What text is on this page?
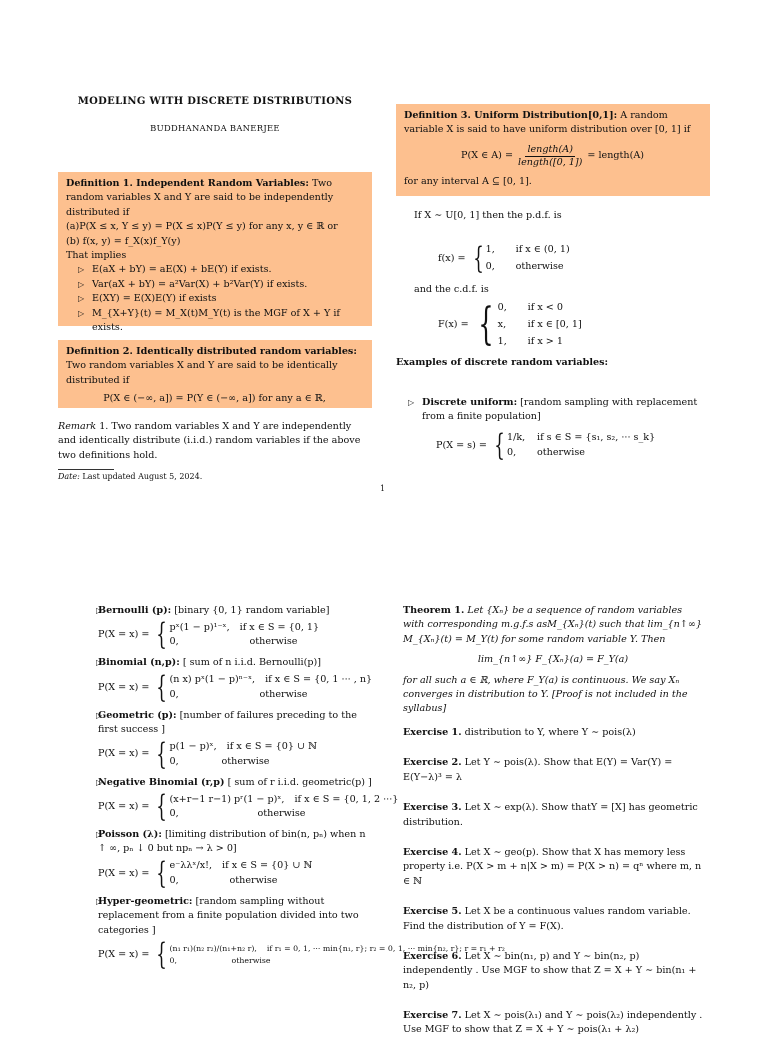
MODELING WITH DISCRETE DISTRIBUTIONS
BUDDHANANDA BANERJEE
Definition 1. Independent Random Variables: Two random variables X and Y are said to be independently distributed if
(a)P(X ≤ x, Y ≤ y) = P(X ≤ x)P(Y ≤ y) for any x, y ∈ ℝ or
(b) f(x, y) = f_X(x)f_Y(y)
That implies
▷ E(aX + bY) = aE(X) + bE(Y) if exists.
▷ Var(aX + bY) = a²Var(X) + b²Var(Y) if exists.
▷ E(XY) = E(X)E(Y) if exists
▷ M_{X+Y}(t) = M_X(t)M_Y(t) is the MGF of X + Y if exists.
Definition 2. Identically distributed random variables: Two random variables X and Y are said to be identically distributed if
P(X ∈ (−∞, a]) = P(Y ∈ (−∞, a]) for any a ∈ ℝ,
Remark 1. Two random variables X and Y are independently and identically distribute (i.i.d.) random variables if the above two definitions hold.
Date: Last updated August 5, 2024.
1
Definition 3. Uniform Distribution[0,1]: A random variable X is said to have uniform distribution over [0, 1] if
P(X ∈ A) =
length(A)
length([0, 1])
= length(A)
for any interval A ⊆ [0, 1].
If X ∼ U[0, 1] then the p.d.f. is
f(x) = { 1,	if x ∈ (0, 1)
0,	otherwise
and the c.d.f. is
F(x) = { 0,	if x < 0
x,	if x ∈ [0, 1]
1,	if x > 1
Examples of discrete random variables:
▷ Discrete uniform: [random sampling with replacement from a finite population]
P(X = s) = { 1/k,	if s ∈ S = {s₁, s₂, ··· s_k}
0,	otherwise
▷ Bernoulli (p): [binary {0, 1} random variable]
P(X = x) = { pˣ(1 − p)¹⁻ˣ,	if x ∈ S = {0, 1}
0,	otherwise
▷ Binomial (n,p): [ sum of n i.i.d. Bernoulli(p)]
P(X = x) = { (n x) pˣ(1 − p)ⁿ⁻ˣ,	if x ∈ S = {0, 1 ··· , n}
0,	otherwise
▷ Geometric (p): [number of failures preceding to the first success ]
P(X = x) = { p(1 − p)ˣ,	if x ∈ S = {0} ∪ ℕ
0,	otherwise
▷ Negative Binomial (r,p) [ sum of r i.i.d. geometric(p) ]
P(X = x) = { (x+r−1 r−1) pʳ(1 − p)ˣ,	if x ∈ S = {0, 1, 2 ···}
0,	otherwise
▷ Poisson (λ): [limiting distribution of bin(n, pₙ) when n ↑ ∞, pₙ ↓ 0 but npₙ → λ > 0]
P(X = x) = { e⁻λλˣ/x!,	if x ∈ S = {0} ∪ ℕ
0,	otherwise
▷ Hyper-geometric: [random sampling without replacement from a finite population divided into two categories ]
P(X = x) = { (n₁ r₁)(n₂ r₂)/(n₁+n₂ r),	if r₁ = 0, 1, ··· min{n₁, r}; r₂ = 0, 1, ··· min{n₂, r}; r = r₁ + r₂
0,	otherwise
Theorem 1. Let {Xₙ} be a sequence of random variables with corresponding m.g.f.s asM_{Xₙ}(t) such that lim_{n↑∞} M_{Xₙ}(t) = M_Y(t) for some random variable Y. Then
lim_{n↑∞} F_{Xₙ}(a) = F_Y(a)
for all such a ∈ ℝ, where F_Y(a) is continuous. We say Xₙ converges in distribution to Y. [Proof is not included in the syllabus]

Exercise 1. distribution to Y, where Y ∼ pois(λ)

Exercise 2. Let Y ∼ pois(λ). Show that E(Y) = Var(Y) = E(Y−λ)³ = λ

Exercise 3. Let X ∼ exp(λ). Show thatY = [X] has geometric distribution.

Exercise 4. Let X ∼ geo(p). Show that X has memory less property i.e. P(X > m + n|X > m) = P(X > n) = qⁿ where m, n ∈ ℕ

Exercise 5. Let X be a continuous values random variable. Find the distribution of Y = F(X).

Exercise 6. Let X ∼ bin(n₁, p) and Y ∼ bin(n₂, p) independently . Use MGF to show that Z = X + Y ∼ bin(n₁ + n₂, p)

Exercise 7. Let X ∼ pois(λ₁) and Y ∼ pois(λ₂) independently . Use MGF to show that Z = X + Y ∼ pois(λ₁ + λ₂)
